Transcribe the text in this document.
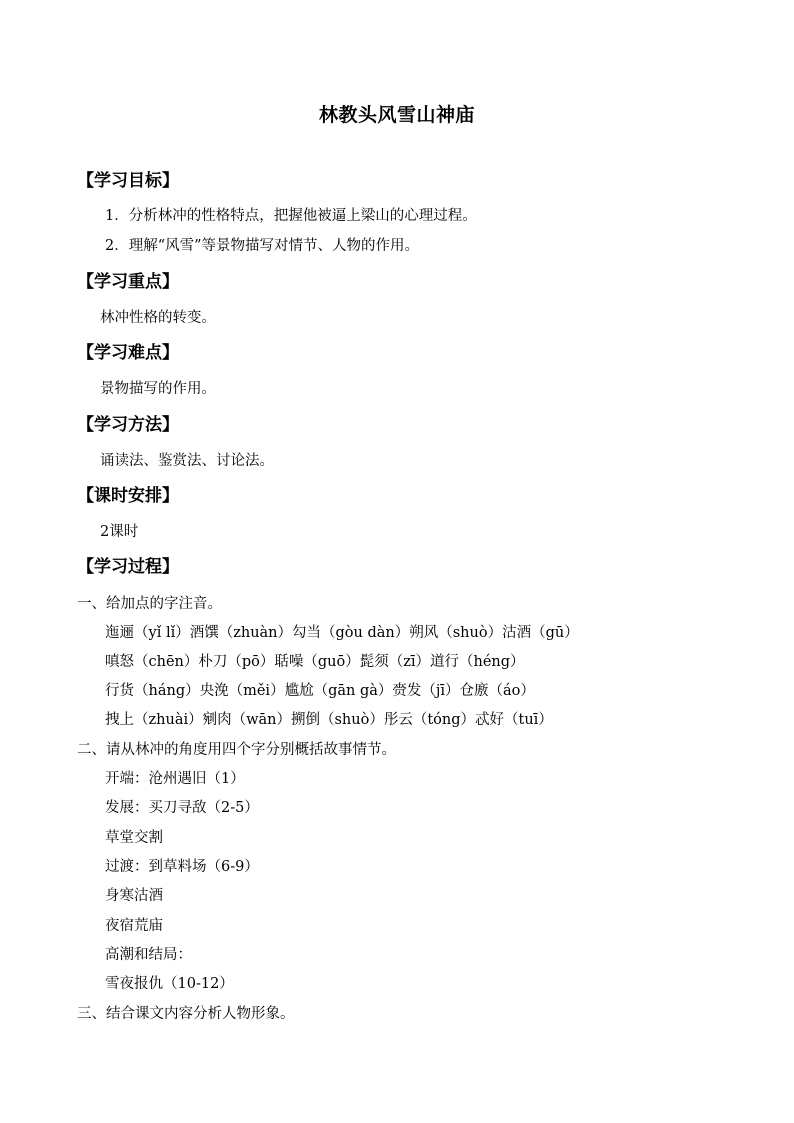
林教头风雪山神庙
【学习目标】
1．分析林冲的性格特点，把握他被逼上梁山的心理过程。
2．理解“风雪”等景物描写对情节、人物的作用。
【学习重点】
林冲性格的转变。
【学习难点】
景物描写的作用。
【学习方法】
诵读法、鉴赏法、讨论法。
【课时安排】
2课时
【学习过程】
一、给加点的字注音。
迤逦（yǐ lǐ）酒馔（zhuàn）勾当（gòu dàn）朔风（shuò）沽酒（gū）
嗔怒（chēn）朴刀（pō）聒噪（guō）髭须（zī）道行（héng）
行货（háng）央浼（měi）尴尬（gān gà）赍发（jī）仓廒（áo）
拽上（zhuài）剜肉（wān）搠倒（shuò）彤云（tóng）忒好（tuī）
二、请从林冲的角度用四个字分别概括故事情节。
开端：沧州遇旧（1）
发展：买刀寻敌（2-5）
草堂交割
过渡：到草料场（6-9）
身寒沽酒
夜宿荒庙
高潮和结局：
雪夜报仇（10-12）
三、结合课文内容分析人物形象。
